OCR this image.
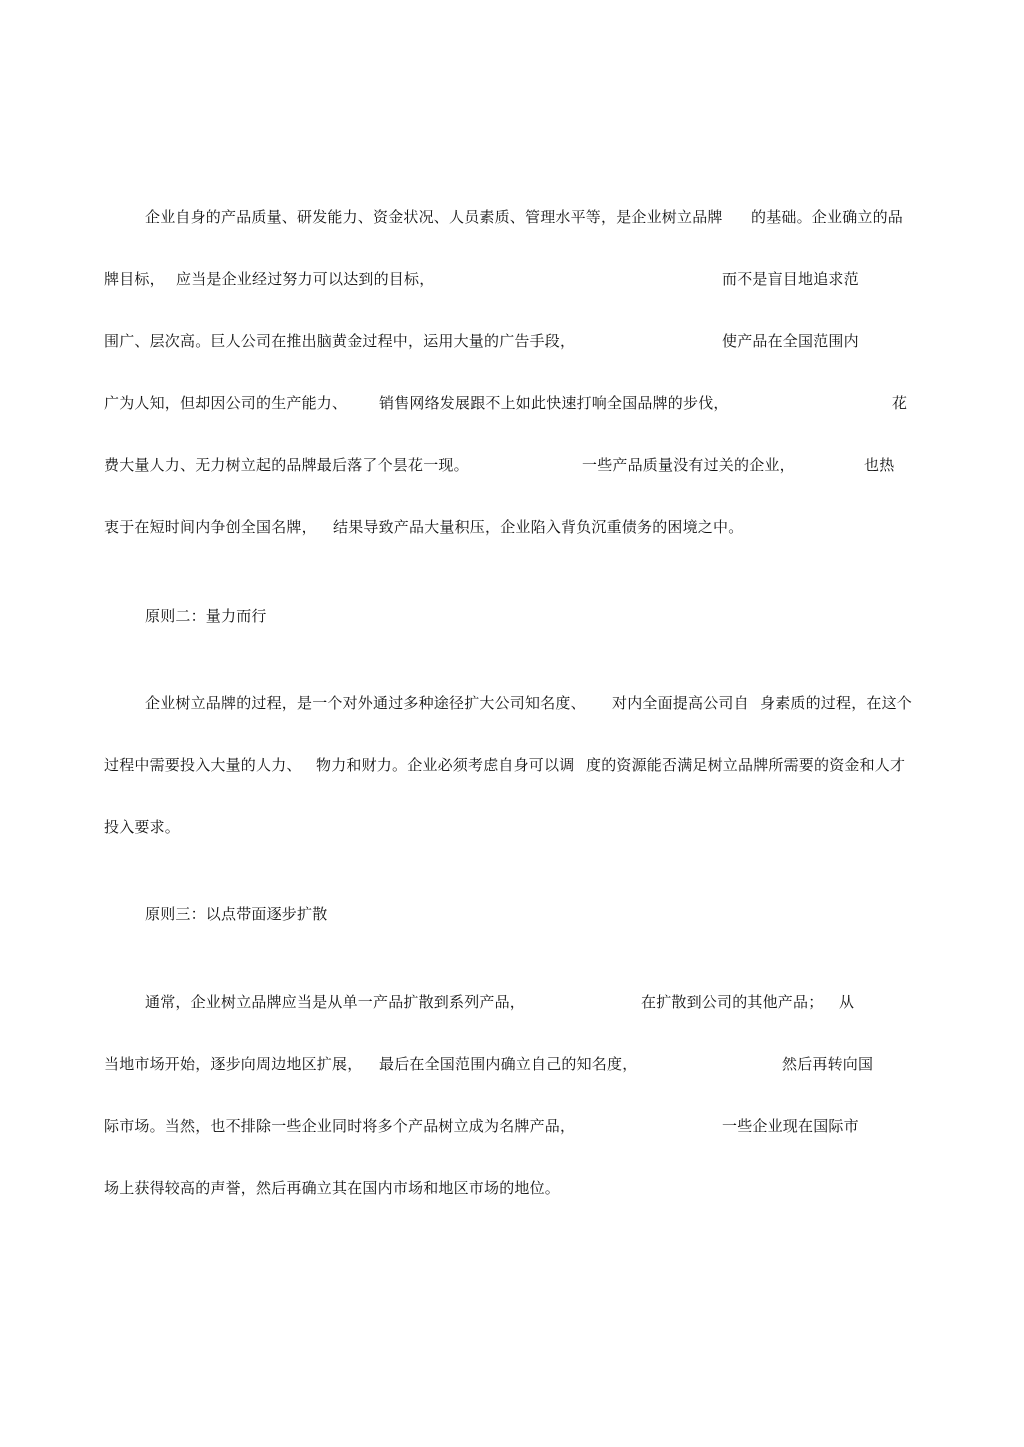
企业自身的产品质量、研发能力、资金状况、人员素质、管理水平等，是企业树立品牌 的基础。企业确立的品
牌目标， 应当是企业经过努力可以达到的目标，	而不是盲目地追求范
围广、层次高。巨人公司在推出脑黄金过程中，运用大量的广告手段，	使产品在全国范围内
广为人知，但却因公司的生产能力、 销售网络发展跟不上如此快速打响全国品牌的步伐，	花
费大量人力、无力树立起的品牌最后落了个昙花一现。	一些产品质量没有过关的企业，	也热
衷于在短时间内争创全国名牌， 结果导致产品大量积压，企业陷入背负沉重债务的困境之中。
原则二：量力而行
企业树立品牌的过程，是一个对外通过多种途径扩大公司知名度、 对内全面提高公司自 身素质的过程，在这个
过程中需要投入大量的人力、 物力和财力。企业必须考虑自身可以调 度的资源能否满足树立品牌所需要的资金和人才
投入要求。
原则三：以点带面逐步扩散
通常，企业树立品牌应当是从单一产品扩散到系列产品，	在扩散到公司的其他产品； 从
当地市场开始，逐步向周边地区扩展， 最后在全国范围内确立自己的知名度，	然后再转向国
际市场。当然，也不排除一些企业同时将多个产品树立成为名牌产品，	一些企业现在国际市
场上获得较高的声誉，然后再确立其在国内市场和地区市场的地位。
